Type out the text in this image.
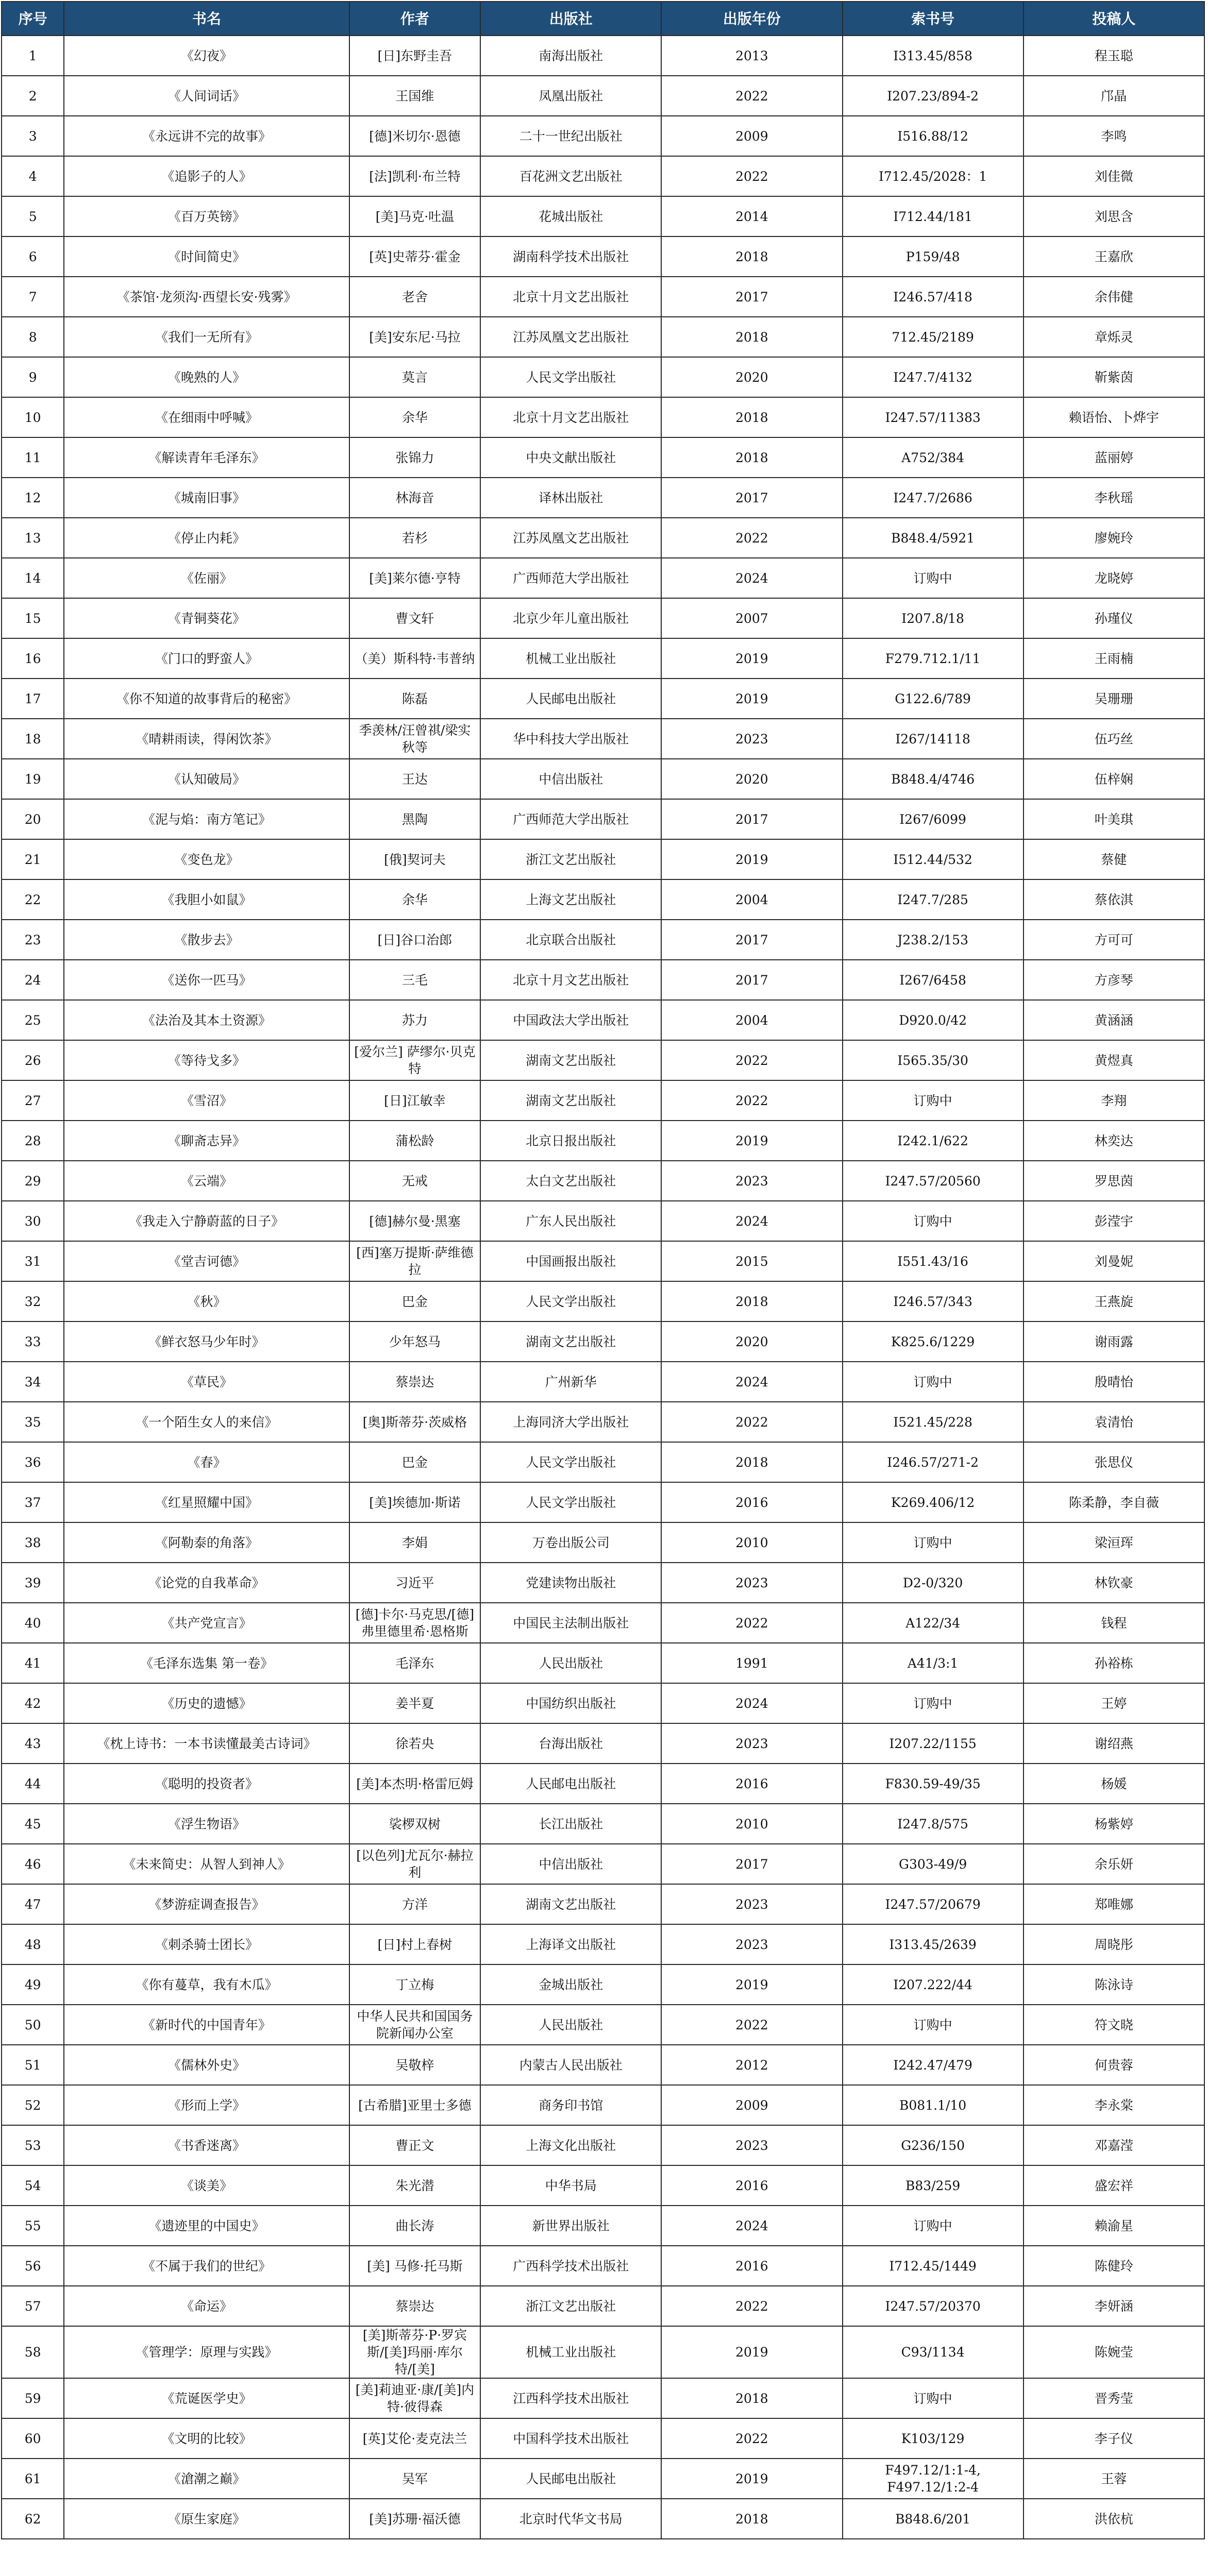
序号	书名	作者	出版社	出版年份	索书号	投稿人
1	《幻夜》	[日]东野圭吾	南海出版社	2013	I313.45/858	程玉聪
2	《人间词话》	王国维	凤凰出版社	2022	I207.23/894-2	邝晶
3	《永远讲不完的故事》	[德]米切尔·恩德	二十一世纪出版社	2009	I516.88/12	李鸣
4	《追影子的人》	[法]凯利·布兰特	百花洲文艺出版社	2022	I712.45/2028：1	刘佳微
5	《百万英镑》	[美]马克·吐温	花城出版社	2014	I712.44/181	刘思含
6	《时间简史》	[英]史蒂芬·霍金	湖南科学技术出版社	2018	P159/48	王嘉欣
7	《茶馆·龙须沟·西望长安·残雾》	老舍	北京十月文艺出版社	2017	I246.57/418	余伟健
8	《我们一无所有》	[美]安东尼·马拉	江苏凤凰文艺出版社	2018	712.45/2189	章烁灵
9	《晚熟的人》	莫言	人民文学出版社	2020	I247.7/4132	靳紫茵
10	《在细雨中呼喊》	余华	北京十月文艺出版社	2018	I247.57/11383	赖语怡、卜烨宇
11	《解读青年毛泽东》	张锦力	中央文献出版社	2018	A752/384	蓝丽婷
12	《城南旧事》	林海音	译林出版社	2017	I247.7/2686	李秋瑶
13	《停止内耗》	若杉	江苏凤凰文艺出版社	2022	B848.4/5921	廖婉玲
14	《佐丽》	[美]莱尔德·亨特	广西师范大学出版社	2024	订购中	龙晓婷
15	《青铜葵花》	曹文轩	北京少年儿童出版社	2007	I207.8/18	孙瑾仪
16	《门口的野蛮人》	（美）斯科特·韦普纳	机械工业出版社	2019	F279.712.1/11	王雨楠
17	《你不知道的故事背后的秘密》	陈磊	人民邮电出版社	2019	G122.6/789	吴珊珊
18	《晴耕雨读，得闲饮茶》	季羡林/汪曾祺/梁实秋等	华中科技大学出版社	2023	I267/14118	伍巧丝
19	《认知破局》	王达	中信出版社	2020	B848.4/4746	伍梓娴
20	《泥与焰：南方笔记》	黑陶	广西师范大学出版社	2017	I267/6099	叶美琪
21	《变色龙》	[俄]契诃夫	浙江文艺出版社	2019	I512.44/532	蔡健
22	《我胆小如鼠》	余华	上海文艺出版社	2004	I247.7/285	蔡依淇
23	《散步去》	[日]谷口治郎	北京联合出版社	2017	J238.2/153	方可可
24	《送你一匹马》	三毛	北京十月文艺出版社	2017	I267/6458	方彦琴
25	《法治及其本土资源》	苏力	中国政法大学出版社	2004	D920.0/42	黄涵涵
26	《等待戈多》	[爱尔兰] 萨缪尔·贝克特	湖南文艺出版社	2022	I565.35/30	黄煜真
27	《雪沼》	[日]江敏幸	湖南文艺出版社	2022	订购中	李翔
28	《聊斋志异》	蒲松龄	北京日报出版社	2019	I242.1/622	林奕达
29	《云端》	无戒	太白文艺出版社	2023	I247.57/20560	罗思茵
30	《我走入宁静蔚蓝的日子》	[德]赫尔曼·黑塞	广东人民出版社	2024	订购中	彭滢宇
31	《堂吉诃德》	[西]塞万提斯·萨维德拉	中国画报出版社	2015	I551.43/16	刘曼妮
32	《秋》	巴金	人民文学出版社	2018	I246.57/343	王燕旋
33	《鲜衣怒马少年时》	少年怒马	湖南文艺出版社	2020	K825.6/1229	谢雨露
34	《草民》	蔡崇达	广州新华	2024	订购中	殷晴怡
35	《一个陌生女人的来信》	[奥]斯蒂芬·茨威格	上海同济大学出版社	2022	I521.45/228	袁清怡
36	《春》	巴金	人民文学出版社	2018	I246.57/271-2	张思仪
37	《红星照耀中国》	[美]埃德加·斯诺	人民文学出版社	2016	K269.406/12	陈柔静，李自薇
38	《阿勒泰的角落》	李娟	万卷出版公司	2010	订购中	梁洹珲
39	《论党的自我革命》	习近平	党建读物出版社	2023	D2-0/320	林钦豪
40	《共产党宣言》	[德]卡尔·马克思/[德]弗里德里希·恩格斯	中国民主法制出版社	2022	A122/34	钱程
41	《毛泽东选集 第一卷》	毛泽东	人民出版社	1991	A41/3:1	孙裕栋
42	《历史的遗憾》	姜半夏	中国纺织出版社	2024	订购中	王婷
43	《枕上诗书：一本书读懂最美古诗词》	徐若央	台海出版社	2023	I207.22/1155	谢绍燕
44	《聪明的投资者》	[美]本杰明·格雷厄姆	人民邮电出版社	2016	F830.59-49/35	杨媛
45	《浮生物语》	裟椤双树	长江出版社	2010	I247.8/575	杨紫婷
46	《未来简史：从智人到神人》	[以色列]尤瓦尔·赫拉利	中信出版社	2017	G303-49/9	余乐妍
47	《梦游症调查报告》	方洋	湖南文艺出版社	2023	I247.57/20679	郑唯娜
48	《刺杀骑士团长》	[日]村上春树	上海译文出版社	2023	I313.45/2639	周晓彤
49	《你有蔓草，我有木瓜》	丁立梅	金城出版社	2019	I207.222/44	陈泳诗
50	《新时代的中国青年》	中华人民共和国国务院新闻办公室	人民出版社	2022	订购中	符文晓
51	《儒林外史》	吴敬梓	内蒙古人民出版社	2012	I242.47/479	何贵蓉
52	《形而上学》	[古希腊]亚里士多德	商务印书馆	2009	B081.1/10	李永棠
53	《书香迷离》	曹正文	上海文化出版社	2023	G236/150	邓嘉滢
54	《谈美》	朱光潜	中华书局	2016	B83/259	盛宏祥
55	《遗迹里的中国史》	曲长涛	新世界出版社	2024	订购中	赖渝星
56	《不属于我们的世纪》	[美] 马修·托马斯	广西科学技术出版社	2016	I712.45/1449	陈健玲
57	《命运》	蔡崇达	浙江文艺出版社	2022	I247.57/20370	李妍涵
58	《管理学：原理与实践》	[美]斯蒂芬·P·罗宾斯/[美]玛丽·库尔特/[美]	机械工业出版社	2019	C93/1134	陈婉莹
59	《荒诞医学史》	[美]莉迪亚·康/[美]内特·彼得森	江西科学技术出版社	2018	订购中	晋秀莹
60	《文明的比较》	[英]艾伦·麦克法兰	中国科学技术出版社	2022	K103/129	李子仪
61	《滄潮之巅》	吴军	人民邮电出版社	2019	F497.12/1:1-4, F497.12/1:2-4	王蓉
62	《原生家庭》	[美]苏珊·福沃德	北京时代华文书局	2018	B848.6/201	洪依杭
